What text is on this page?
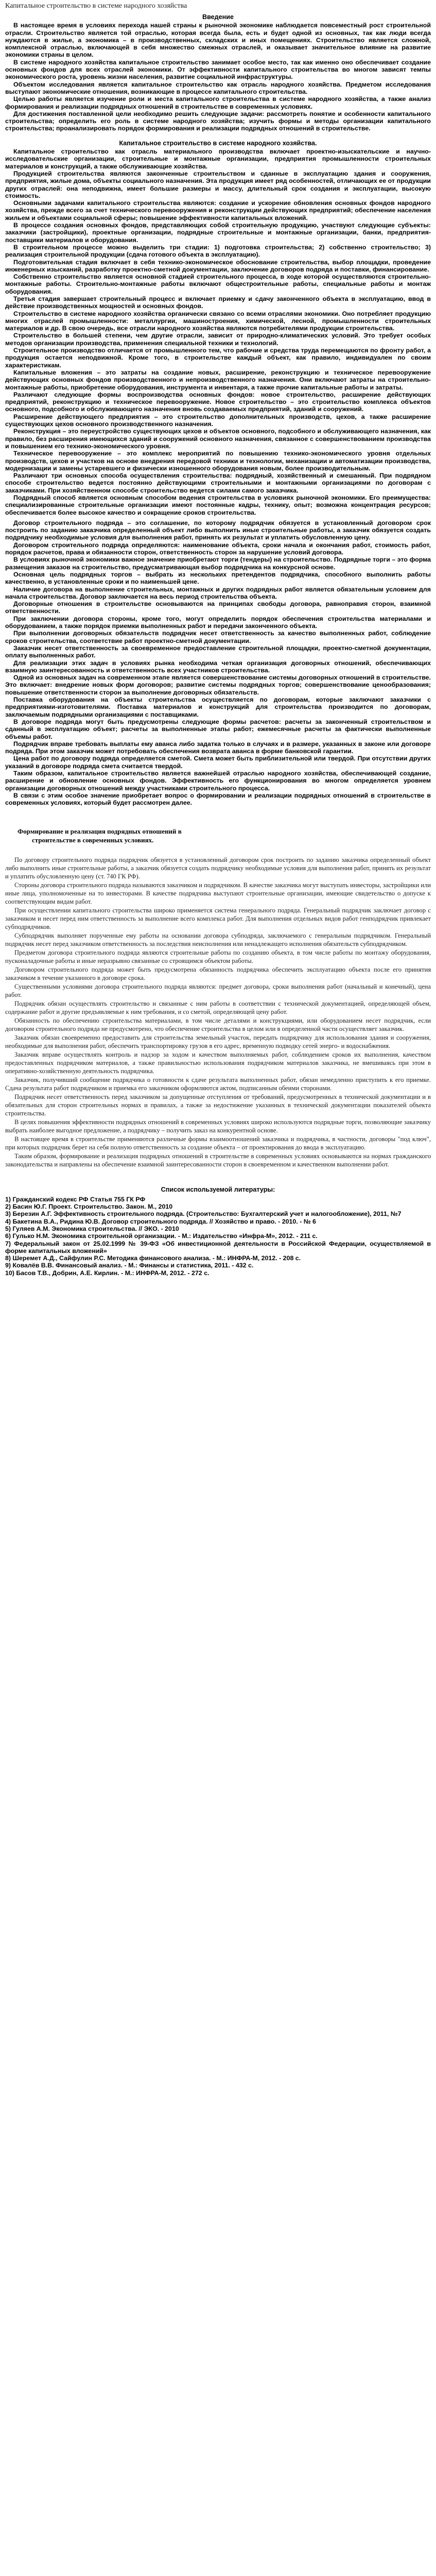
Капитальное строительство в системе народного хозяйства
Введение

В настоящее время в условиях перехода нашей страны к рыночной экономике наблюдается повсеместный рост строительной отрасли. Строительство является той отраслью, которая всегда была, есть и будет одной из основных, так как люди всегда нуждаются в жилье, а экономика – в производственных, складских и иных помещениях. Строительство является сложной, комплексной отраслью, включающей в себя множество смежных отраслей, и оказывает значительное влияние на развитие экономики страны в целом.

В системе народного хозяйства капитальное строительство занимает особое место, так как именно оно обеспечивает создание основных фондов для всех отраслей экономики. От эффективности капитального строительства во многом зависят темпы экономического роста, уровень жизни населения, развитие социальной инфраструктуры.

Объектом исследования является капитальное строительство как отрасль народного хозяйства. Предметом исследования выступают экономические отношения, возникающие в процессе капитального строительства.

Целью работы является изучение роли и места капитального строительства в системе народного хозяйства, а также анализ формирования и реализации подрядных отношений в строительстве в современных условиях.

Для достижения поставленной цели необходимо решить следующие задачи: рассмотреть понятие и особенности капитального строительства; определить его роль в системе народного хозяйства; изучить формы и методы организации капитального строительства; проанализировать порядок формирования и реализации подрядных отношений в строительстве.

Капитальное строительство в системе народного хозяйства.

Капитальное строительство как отрасль материального производства включает проектно-изыскательские и научно-исследовательские организации, строительные и монтажные организации, предприятия промышленности строительных материалов и конструкций, а также обслуживающие хозяйства.

Продукцией строительства являются законченные строительством и сданные в эксплуатацию здания и сооружения, предприятия, жилые дома, объекты социального назначения. Эта продукция имеет ряд особенностей, отличающих ее от продукции других отраслей: она неподвижна, имеет большие размеры и массу, длительный срок создания и эксплуатации, высокую стоимость.

Основными задачами капитального строительства являются: создание и ускорение обновления основных фондов народного хозяйства, прежде всего за счет технического перевооружения и реконструкции действующих предприятий; обеспечение населения жильем и объектами социальной сферы; повышение эффективности капитальных вложений.

В процессе создания основных фондов, представляющих собой строительную продукцию, участвуют следующие субъекты: заказчики (застройщики), проектные организации, подрядные строительные и монтажные организации, банки, предприятия-поставщики материалов и оборудования.

В строительном процессе можно выделить три стадии: 1) подготовка строительства; 2) собственно строительство; 3) реализация строительной продукции (сдача готового объекта в эксплуатацию).

Подготовительная стадия включает в себя технико-экономическое обоснование строительства, выбор площадки, проведение инженерных изысканий, разработку проектно-сметной документации, заключение договоров подряда и поставки, финансирование.

Собственно строительство является основной стадией строительного процесса, в ходе которой осуществляются строительно-монтажные работы. Строительно-монтажные работы включают общестроительные работы, специальные работы и монтаж оборудования.

Третья стадия завершает строительный процесс и включает приемку и сдачу законченного объекта в эксплуатацию, ввод в действие производственных мощностей и основных фондов.

Строительство в системе народного хозяйства органически связано со всеми отраслями экономики. Оно потребляет продукцию многих отраслей промышленности: металлургии, машиностроения, химической, лесной, промышленности строительных материалов и др. В свою очередь, все отрасли народного хозяйства являются потребителями продукции строительства.

Строительство в большей степени, чем другие отрасли, зависит от природно-климатических условий. Это требует особых методов организации производства, применения специальной техники и технологий.

Строительное производство отличается от промышленного тем, что рабочие и средства труда перемещаются по фронту работ, а продукция остается неподвижной. Кроме того, в строительстве каждый объект, как правило, индивидуален по своим характеристикам.

Капитальные вложения – это затраты на создание новых, расширение, реконструкцию и техническое перевооружение действующих основных фондов производственного и непроизводственного назначения. Они включают затраты на строительно-монтажные работы, приобретение оборудования, инструмента и инвентаря, а также прочие капитальные работы и затраты.

Различают следующие формы воспроизводства основных фондов: новое строительство, расширение действующих предприятий, реконструкцию и техническое перевооружение. Новое строительство – это строительство комплекса объектов основного, подсобного и обслуживающего назначения вновь создаваемых предприятий, зданий и сооружений.

Расширение действующего предприятия – это строительство дополнительных производств, цехов, а также расширение существующих цехов основного производственного назначения.

Реконструкция – это переустройство существующих цехов и объектов основного, подсобного и обслуживающего назначения, как правило, без расширения имеющихся зданий и сооружений основного назначения, связанное с совершенствованием производства и повышением его технико-экономического уровня.

Техническое перевооружение – это комплекс мероприятий по повышению технико-экономического уровня отдельных производств, цехов и участков на основе внедрения передовой техники и технологии, механизации и автоматизации производства, модернизации и замены устаревшего и физически изношенного оборудования новым, более производительным.

Различают три основных способа осуществления строительства: подрядный, хозяйственный и смешанный. При подрядном способе строительство ведется постоянно действующими строительными и монтажными организациями по договорам с заказчиками. При хозяйственном способе строительство ведется силами самого заказчика.

Подрядный способ является основным способом ведения строительства в условиях рыночной экономики. Его преимущества: специализированные строительные организации имеют постоянные кадры, технику, опыт; возможна концентрация ресурсов; обеспечивается более высокое качество и сокращение сроков строительства.

Договор строительного подряда – это соглашение, по которому подрядчик обязуется в установленный договором срок построить по заданию заказчика определенный объект либо выполнить иные строительные работы, а заказчик обязуется создать подрядчику необходимые условия для выполнения работ, принять их результат и уплатить обусловленную цену.

Договором строительного подряда определяются: наименование объекта, сроки начала и окончания работ, стоимость работ, порядок расчетов, права и обязанности сторон, ответственность сторон за нарушение условий договора.

В условиях рыночной экономики важное значение приобретают торги (тендеры) на строительство. Подрядные торги – это форма размещения заказов на строительство, предусматривающая выбор подрядчика на конкурсной основе.

Основная цель подрядных торгов – выбрать из нескольких претендентов подрядчика, способного выполнить работы качественно, в установленные сроки и по наименьшей цене.

Наличие договора на выполнение строительных, монтажных и других подрядных работ является обязательным условием для начала строительства. Договор заключается на весь период строительства объекта.

Договорные отношения в строительстве основываются на принципах свободы договора, равноправия сторон, взаимной ответственности.

При заключении договора стороны, кроме того, могут определить порядок обеспечения строительства материалами и оборудованием, а также порядок приемки выполненных работ и передачи законченного объекта.

При выполнении договорных обязательств подрядчик несет ответственность за качество выполненных работ, соблюдение сроков строительства, соответствие работ проектно-сметной документации.

Заказчик несет ответственность за своевременное предоставление строительной площадки, проектно-сметной документации, оплату выполненных работ.

Для реализации этих задач в условиях рынка необходима четкая организация договорных отношений, обеспечивающих взаимную заинтересованность и ответственность всех участников строительства.

Одной из основных задач на современном этапе является совершенствование системы договорных отношений в строительстве. Это включает: внедрение новых форм договоров; развитие системы подрядных торгов; совершенствование ценообразования; повышение ответственности сторон за выполнение договорных обязательств.

Поставка оборудования на объекты строительства осуществляется по договорам, которые заключают заказчики с предприятиями-изготовителями. Поставка материалов и конструкций для строительства производится по договорам, заключаемым подрядными организациями с поставщиками.

В договоре подряда могут быть предусмотрены следующие формы расчетов: расчеты за законченный строительством и сданный в эксплуатацию объект; расчеты за выполненные этапы работ; ежемесячные расчеты за фактически выполненные объемы работ.

Подрядчик вправе требовать выплаты ему аванса либо задатка только в случаях и в размере, указанных в законе или договоре подряда. При этом заказчик может потребовать обеспечения возврата аванса в форме банковской гарантии.

Цена работ по договору подряда определяется сметой. Смета может быть приблизительной или твердой. При отсутствии других указаний в договоре подряда смета считается твердой.

Таким образом, капитальное строительство является важнейшей отраслью народного хозяйства, обеспечивающей создание, расширение и обновление основных фондов. Эффективность его функционирования во многом определяется уровнем организации договорных отношений между участниками строительного процесса.

В связи с этим особое значение приобретает вопрос о формировании и реализации подрядных отношений в строительстве в современных условиях, который будет рассмотрен далее.

Формирование и реализация подрядных отношений в
строительстве в современных условиях.

По договору строительного подряда подрядчик обязуется в установленный договором срок построить по заданию заказчика определенный объект либо выполнить иные строительные работы, а заказчик обязуется создать подрядчику необходимые условия для выполнения работ, принять их результат и уплатить обусловленную цену (ст. 740 ГК РФ).

Стороны договора строительного подряда называются заказчиком и подрядчиком. В качестве заказчика могут выступать инвесторы, застройщики или иные лица, уполномоченные на то инвесторами. В качестве подрядчика выступают строительные организации, имеющие свидетельство о допуске к соответствующим видам работ.

При осуществлении капитального строительства широко применяется система генерального подряда. Генеральный подрядчик заключает договор с заказчиком и несет перед ним ответственность за выполнение всего комплекса работ. Для выполнения отдельных видов работ генподрядчик привлекает субподрядчиков.

Субподрядчик выполняет порученные ему работы на основании договора субподряда, заключаемого с генеральным подрядчиком. Генеральный подрядчик несет перед заказчиком ответственность за последствия неисполнения или ненадлежащего исполнения обязательств субподрядчиком.

Предметом договора строительного подряда являются строительные работы по созданию объекта, в том числе работы по монтажу оборудования, пусконаладочные работы и иные неразрывно связанные со строящимся объектом работы.

Договором строительного подряда может быть предусмотрена обязанность подрядчика обеспечить эксплуатацию объекта после его принятия заказчиком в течение указанного в договоре срока.

Существенными условиями договора строительного подряда являются: предмет договора, сроки выполнения работ (начальный и конечный), цена работ.

Подрядчик обязан осуществлять строительство и связанные с ним работы в соответствии с технической документацией, определяющей объем, содержание работ и другие предъявляемые к ним требования, и со сметой, определяющей цену работ.

Обязанность по обеспечению строительства материалами, в том числе деталями и конструкциями, или оборудованием несет подрядчик, если договором строительного подряда не предусмотрено, что обеспечение строительства в целом или в определенной части осуществляет заказчик.

Заказчик обязан своевременно предоставить для строительства земельный участок, передать подрядчику для использования здания и сооружения, необходимые для выполнения работ, обеспечить транспортировку грузов в его адрес, временную подводку сетей энерго- и водоснабжения.

Заказчик вправе осуществлять контроль и надзор за ходом и качеством выполняемых работ, соблюдением сроков их выполнения, качеством предоставленных подрядчиком материалов, а также правильностью использования подрядчиком материалов заказчика, не вмешиваясь при этом в оперативно-хозяйственную деятельность подрядчика.

Заказчик, получивший сообщение подрядчика о готовности к сдаче результата выполненных работ, обязан немедленно приступить к его приемке. Сдача результата работ подрядчиком и приемка его заказчиком оформляются актом, подписанным обеими сторонами.

Подрядчик несет ответственность перед заказчиком за допущенные отступления от требований, предусмотренных в технической документации и в обязательных для сторон строительных нормах и правилах, а также за недостижение указанных в технической документации показателей объекта строительства.

В целях повышения эффективности подрядных отношений в современных условиях широко используются подрядные торги, позволяющие заказчику выбрать наиболее выгодное предложение, а подрядчику – получить заказ на конкурентной основе.

В настоящее время в строительстве применяются различные формы взаимоотношений заказчика и подрядчика, в частности, договоры "под ключ", при которых подрядчик берет на себя полную ответственность за создание объекта – от проектирования до ввода в эксплуатацию.

Таким образом, формирование и реализация подрядных отношений в строительстве в современных условиях основываются на нормах гражданского законодательства и направлены на обеспечение взаимной заинтересованности сторон в своевременном и качественном выполнении работ.

Список используемой литературы:
1) Гражданский кодекс РФ Статья 755 ГК РФ
2) Басин Ю.Г. Проект. Строительство. Закон. М., 2010
3) Березин А.Г. Эффективность строительного подряда. (Строительство: Бухгалтерский учет и налогообложение), 2011, №7
4) Бакетина В.А., Ридина Ю.В. Договор строительного подряда. // Хозяйство и право. - 2010. - № 6
5) Гуляев А.М. Экономика строительства. // ЭКО. - 2010
6) Гулько Н.М. Экономика строительной организации. - М.: Издательство «Инфра-М», 2012. - 211 с.
7) Федеральный закон от 25.02.1999 № 39-ФЗ «Об инвестиционной деятельности в Российской Федерации, осуществляемой в форме капитальных вложений»
8) Шеремет А.Д., Сайфулин Р.С. Методика финансового анализа. - М.: ИНФРА-М, 2012. - 208 с.
9) Ковалёв В.В. Финансовый анализ. - М.: Финансы и статистика, 2011. - 432 с.
10) Басов Т.В., Добрин, А.Е. Кирлин. - М.: ИНФРА-М, 2012. - 272 с.
